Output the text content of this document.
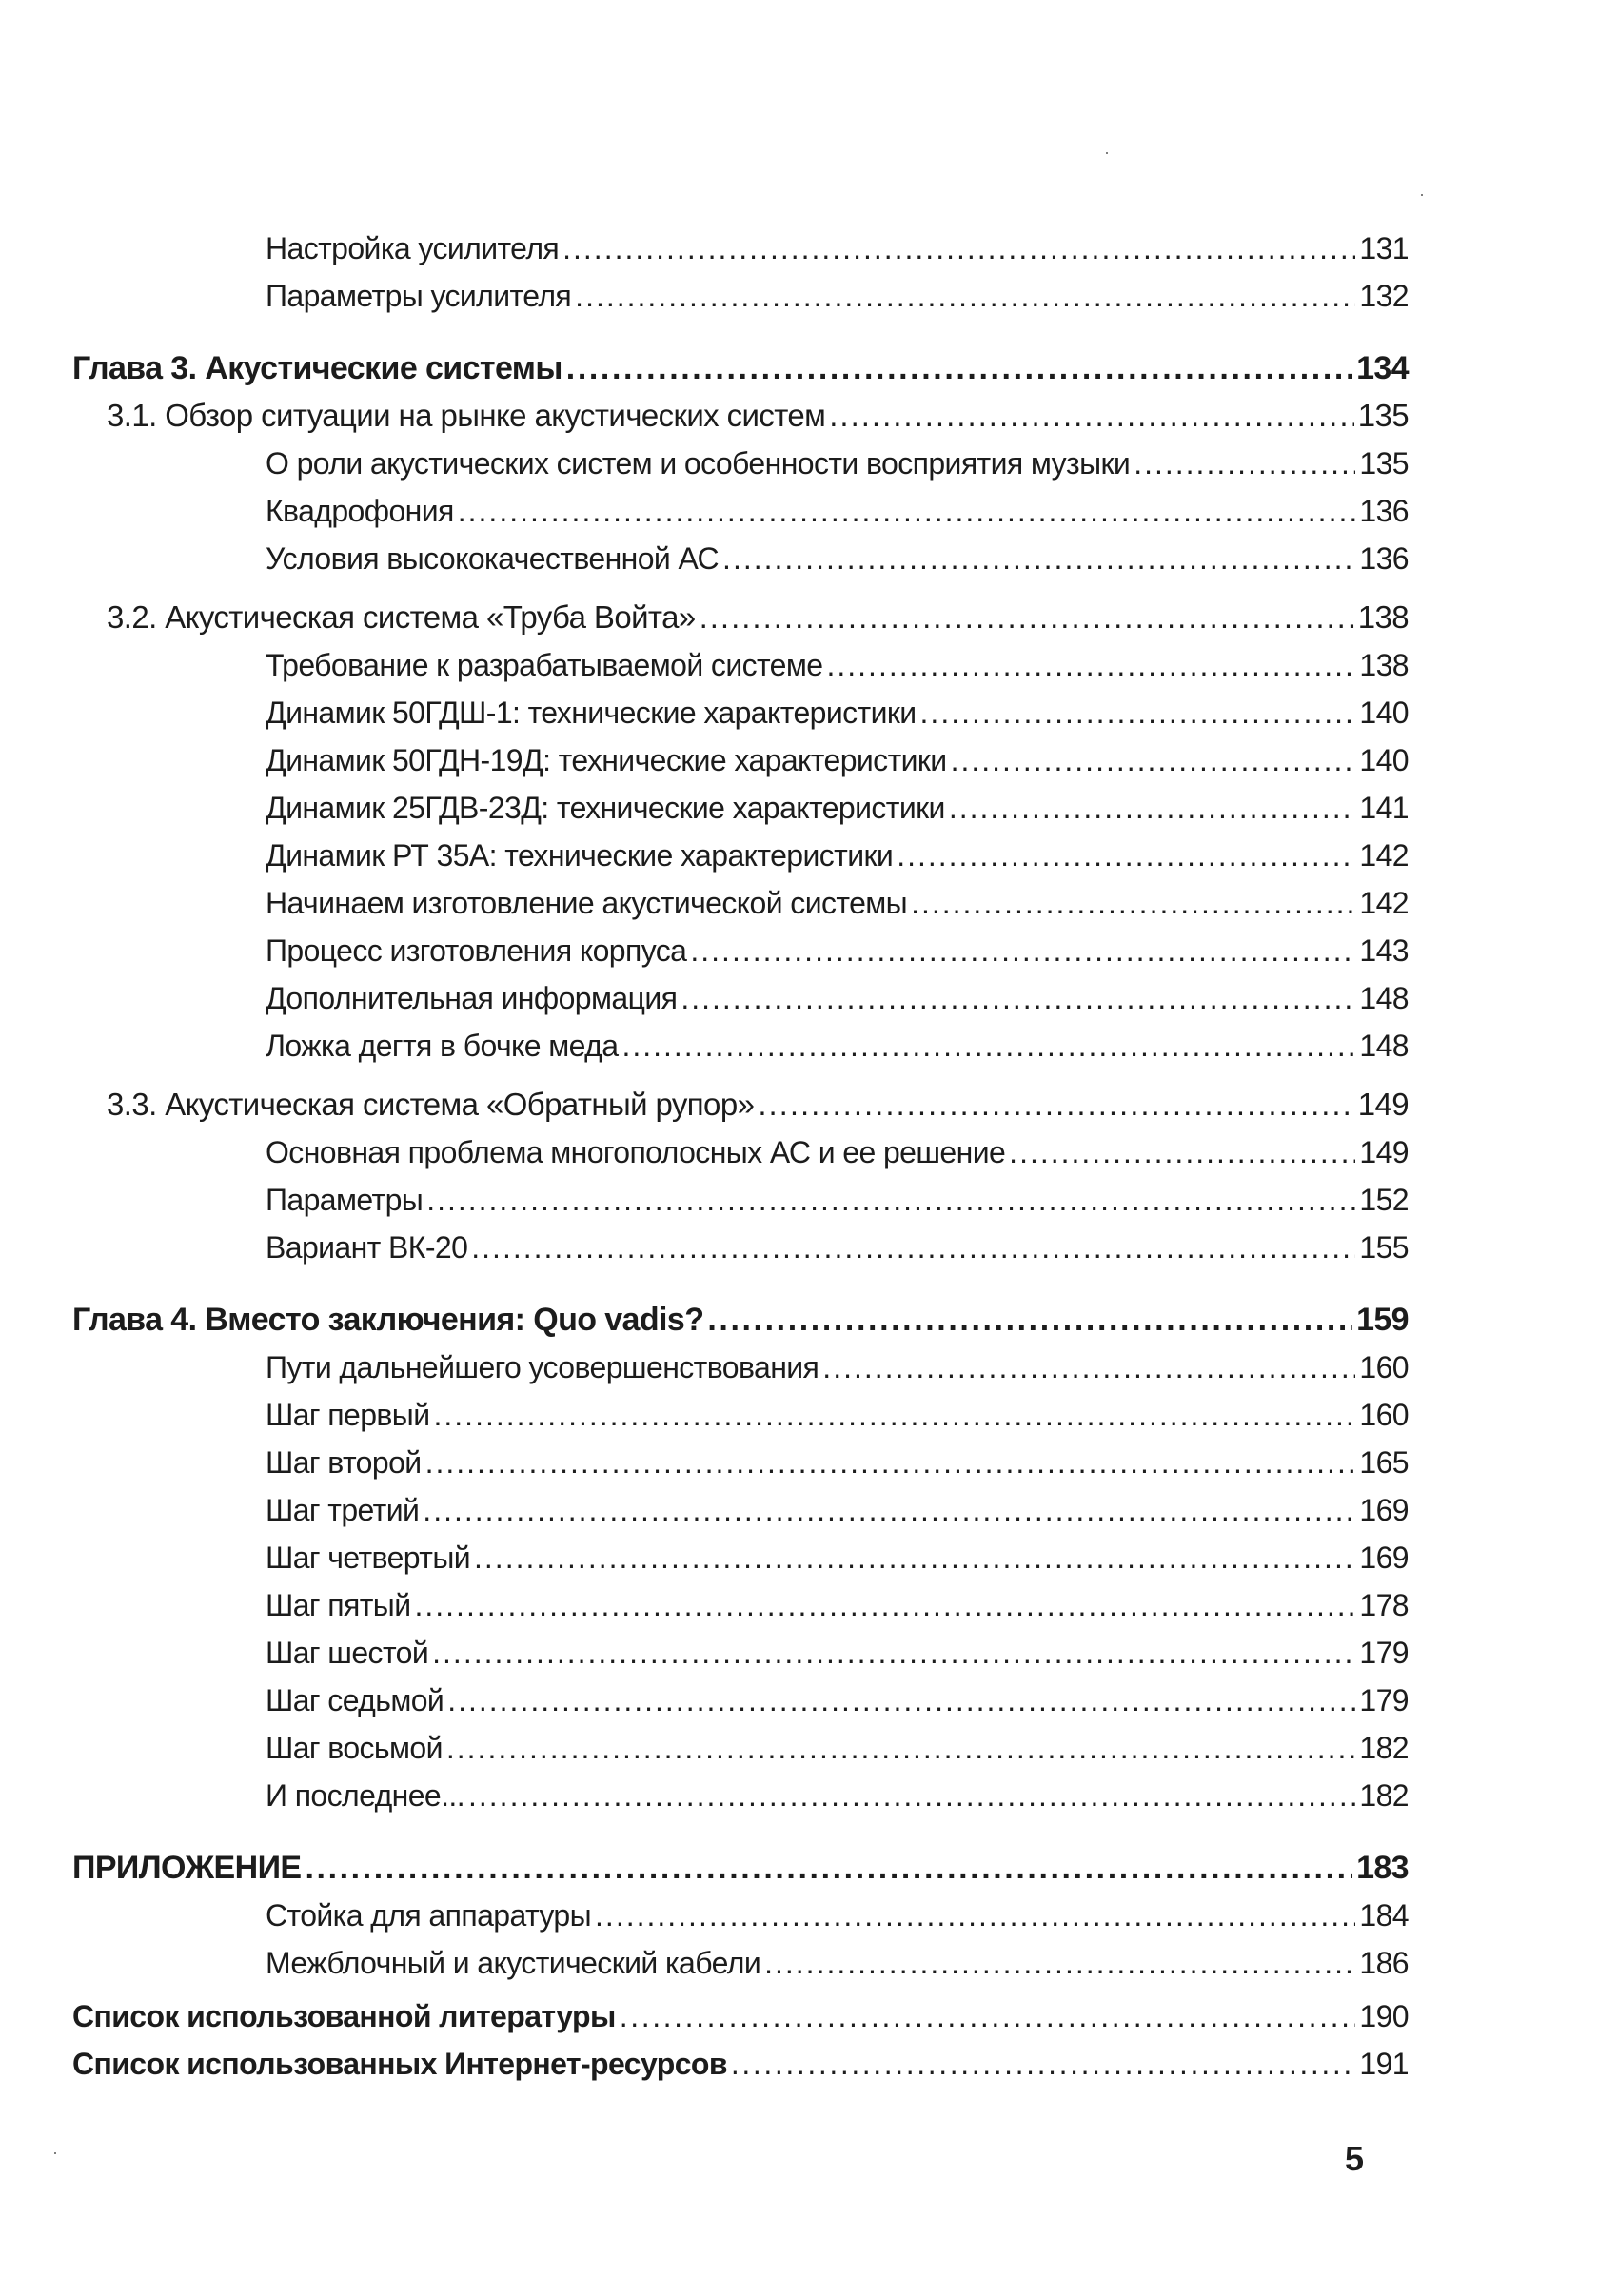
Настройка усилителя .....	131
Параметры усилителя .....	132
Глава 3. Акустические системы .....	134
3.1. Обзор ситуации на рынке акустических систем .....	135
О роли акустических систем и особенности восприятия музыки .....	135
Квадрофония .....	136
Условия высококачественной АС .....	136
3.2. Акустическая система «Труба Войта» .....	138
Требование к разрабатываемой системе .....	138
Динамик 50ГДШ-1: технические характеристики .....	140
Динамик 50ГДН-19Д: технические характеристики .....	140
Динамик 25ГДВ-23Д: технические характеристики .....	141
Динамик РТ 35А: технические характеристики .....	142
Начинаем изготовление акустической системы .....	142
Процесс изготовления корпуса .....	143
Дополнительная информация .....	148
Ложка дегтя в бочке меда .....	148
3.3. Акустическая система «Обратный рупор» .....	149
Основная проблема многополосных АС и ее решение .....	149
Параметры .....	152
Вариант ВК-20 .....	155
Глава 4. Вместо заключения: Quo vadis? .....	159
Пути дальнейшего усовершенствования .....	160
Шаг первый .....	160
Шаг второй .....	165
Шаг третий .....	169
Шаг четвертый .....	169
Шаг пятый .....	178
Шаг шестой .....	179
Шаг седьмой .....	179
Шаг восьмой .....	182
И последнее... .....	182
ПРИЛОЖЕНИЕ .....	183
Стойка для аппаратуры .....	184
Межблочный и акустический кабели .....	186
Список использованной литературы .....	190
Список использованных Интернет-ресурсов .....	191
5
